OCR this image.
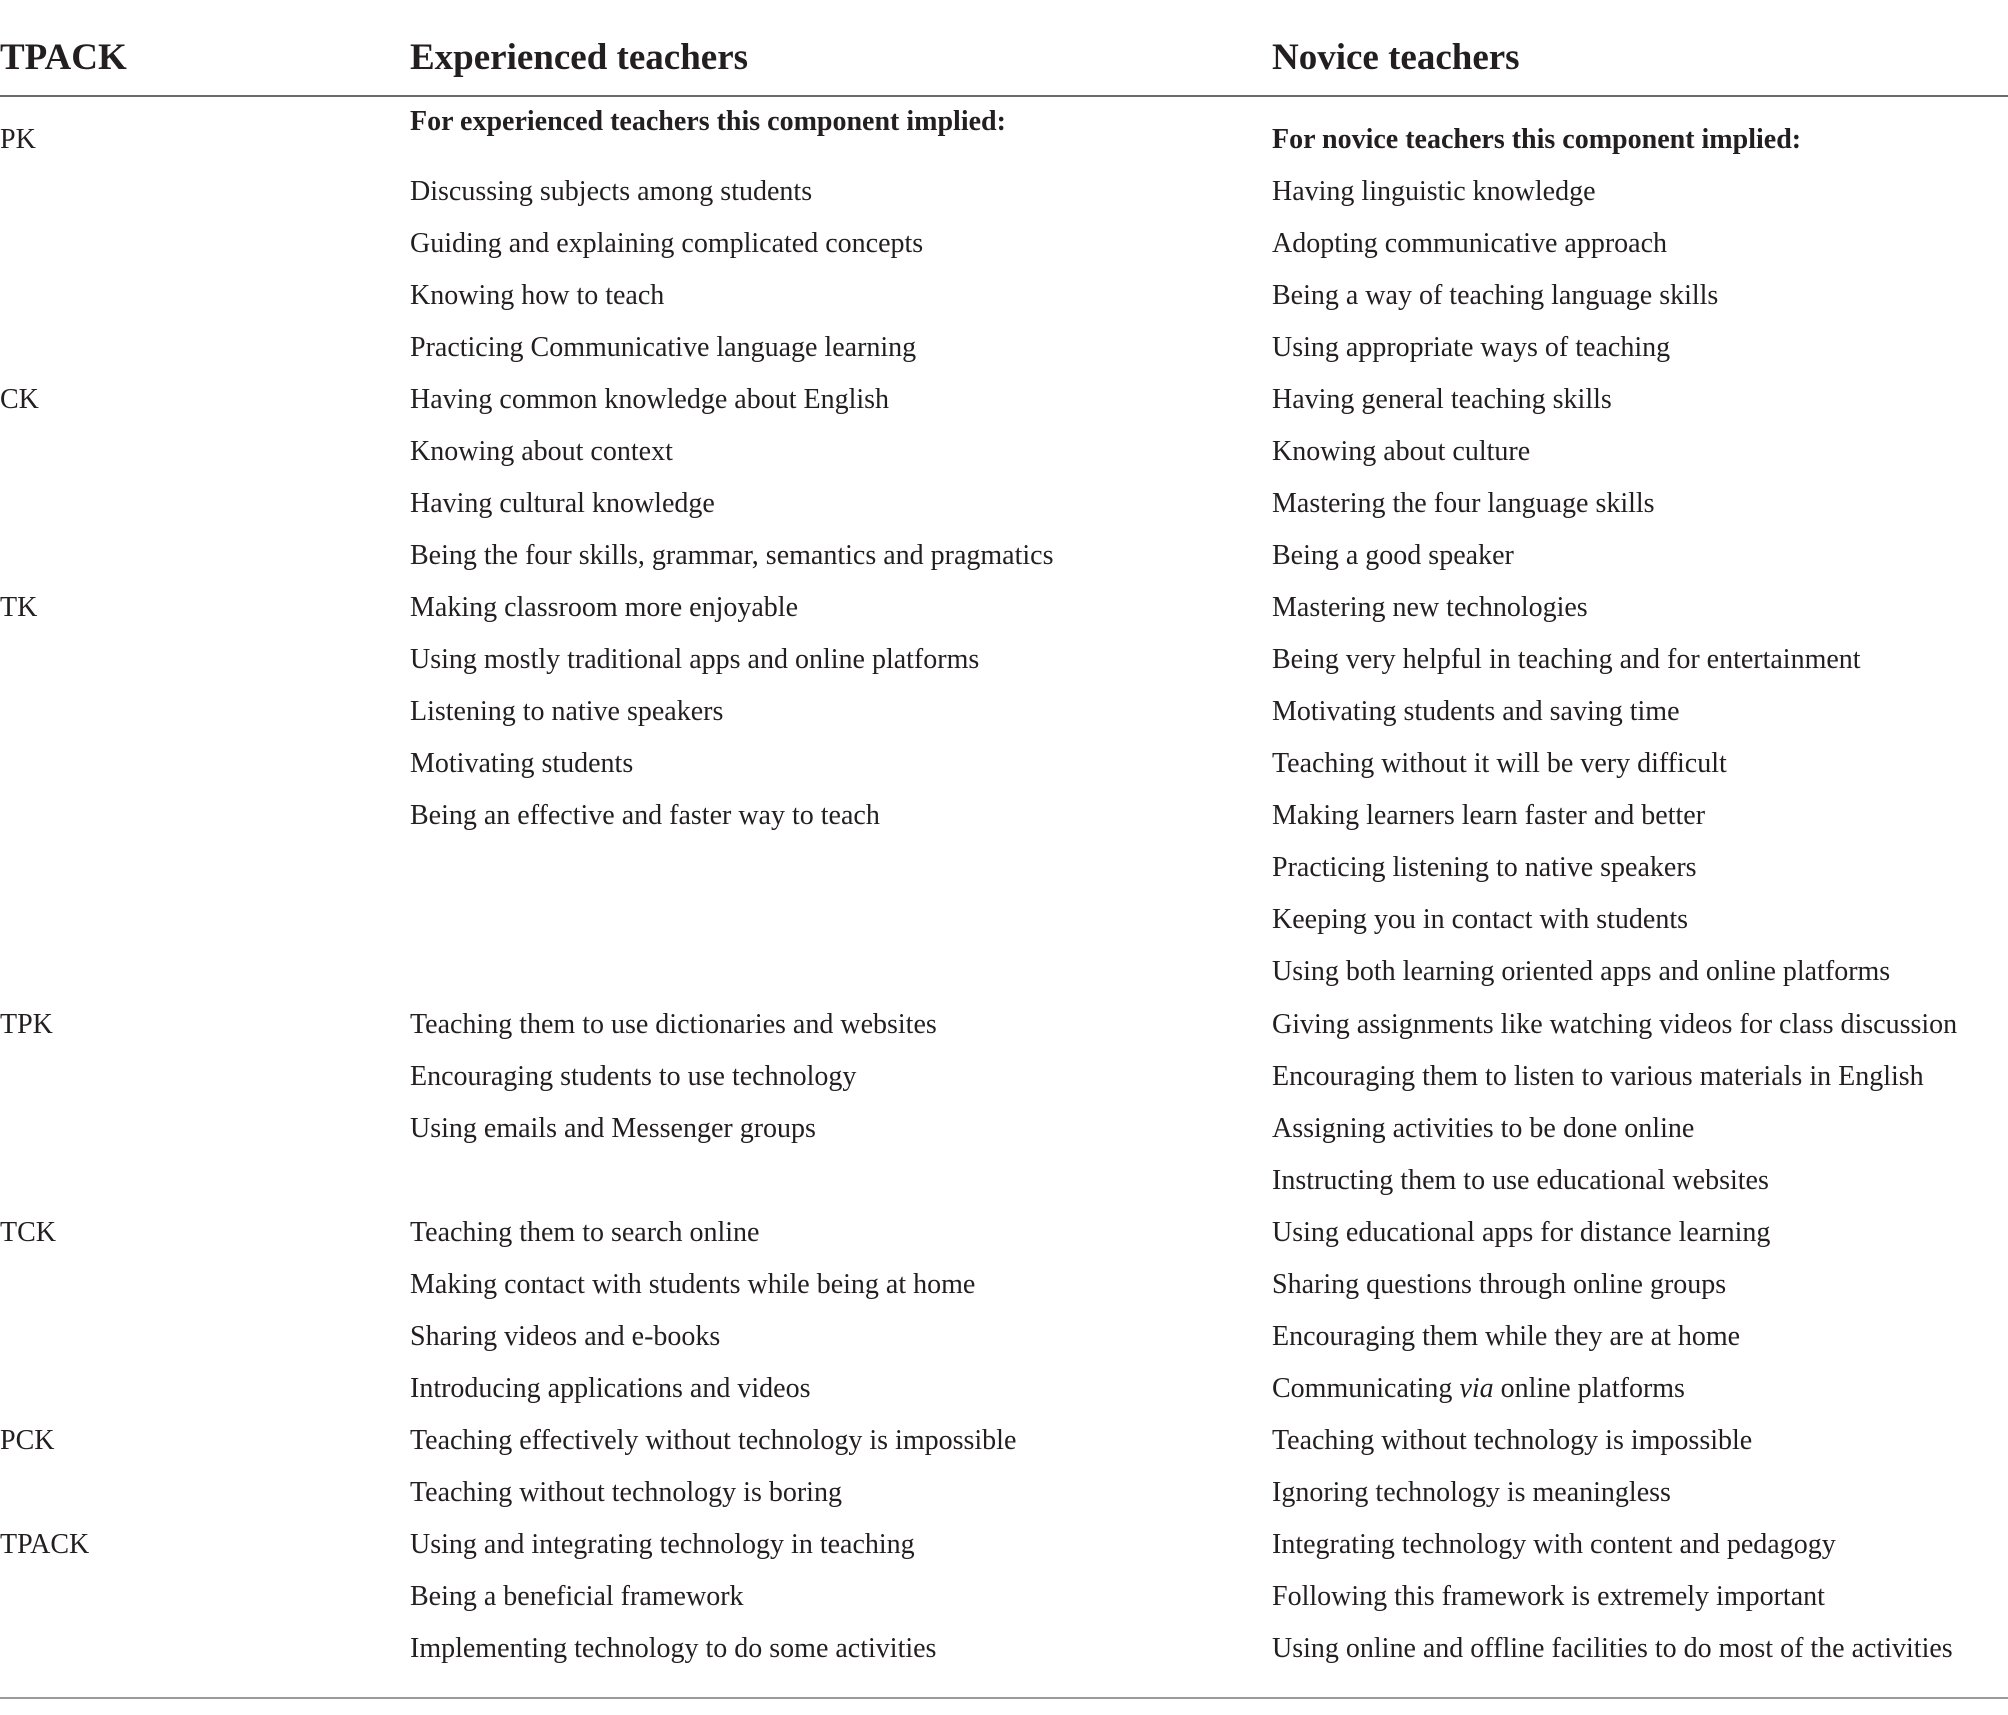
TPACK	Experienced teachers	Novice teachers
For experienced teachers this component implied:
For novice teachers this component implied:
PK
CK
TK
TPK
TCK
PCK
TPACK
Discussing subjects among students
Guiding and explaining complicated concepts
Knowing how to teach
Practicing Communicative language learning
Having common knowledge about English
Knowing about context
Having cultural knowledge
Being the four skills, grammar, semantics and pragmatics
Making classroom more enjoyable
Using mostly traditional apps and online platforms
Listening to native speakers
Motivating students
Being an effective and faster way to teach
Teaching them to use dictionaries and websites
Encouraging students to use technology
Using emails and Messenger groups
Teaching them to search online
Making contact with students while being at home
Sharing videos and e-books
Introducing applications and videos
Teaching effectively without technology is impossible
Teaching without technology is boring
Using and integrating technology in teaching
Being a beneficial framework
Implementing technology to do some activities
Having linguistic knowledge
Adopting communicative approach
Being a way of teaching language skills
Using appropriate ways of teaching
Having general teaching skills
Knowing about culture
Mastering the four language skills
Being a good speaker
Mastering new technologies
Being very helpful in teaching and for entertainment
Motivating students and saving time
Teaching without it will be very difficult
Making learners learn faster and better
Practicing listening to native speakers
Keeping you in contact with students
Using both learning oriented apps and online platforms
Giving assignments like watching videos for class discussion
Encouraging them to listen to various materials in English
Assigning activities to be done online
Instructing them to use educational websites
Using educational apps for distance learning
Sharing questions through online groups
Encouraging them while they are at home
Communicating via online platforms
Teaching without technology is impossible
Ignoring technology is meaningless
Integrating technology with content and pedagogy
Following this framework is extremely important
Using online and offline facilities to do most of the activities
